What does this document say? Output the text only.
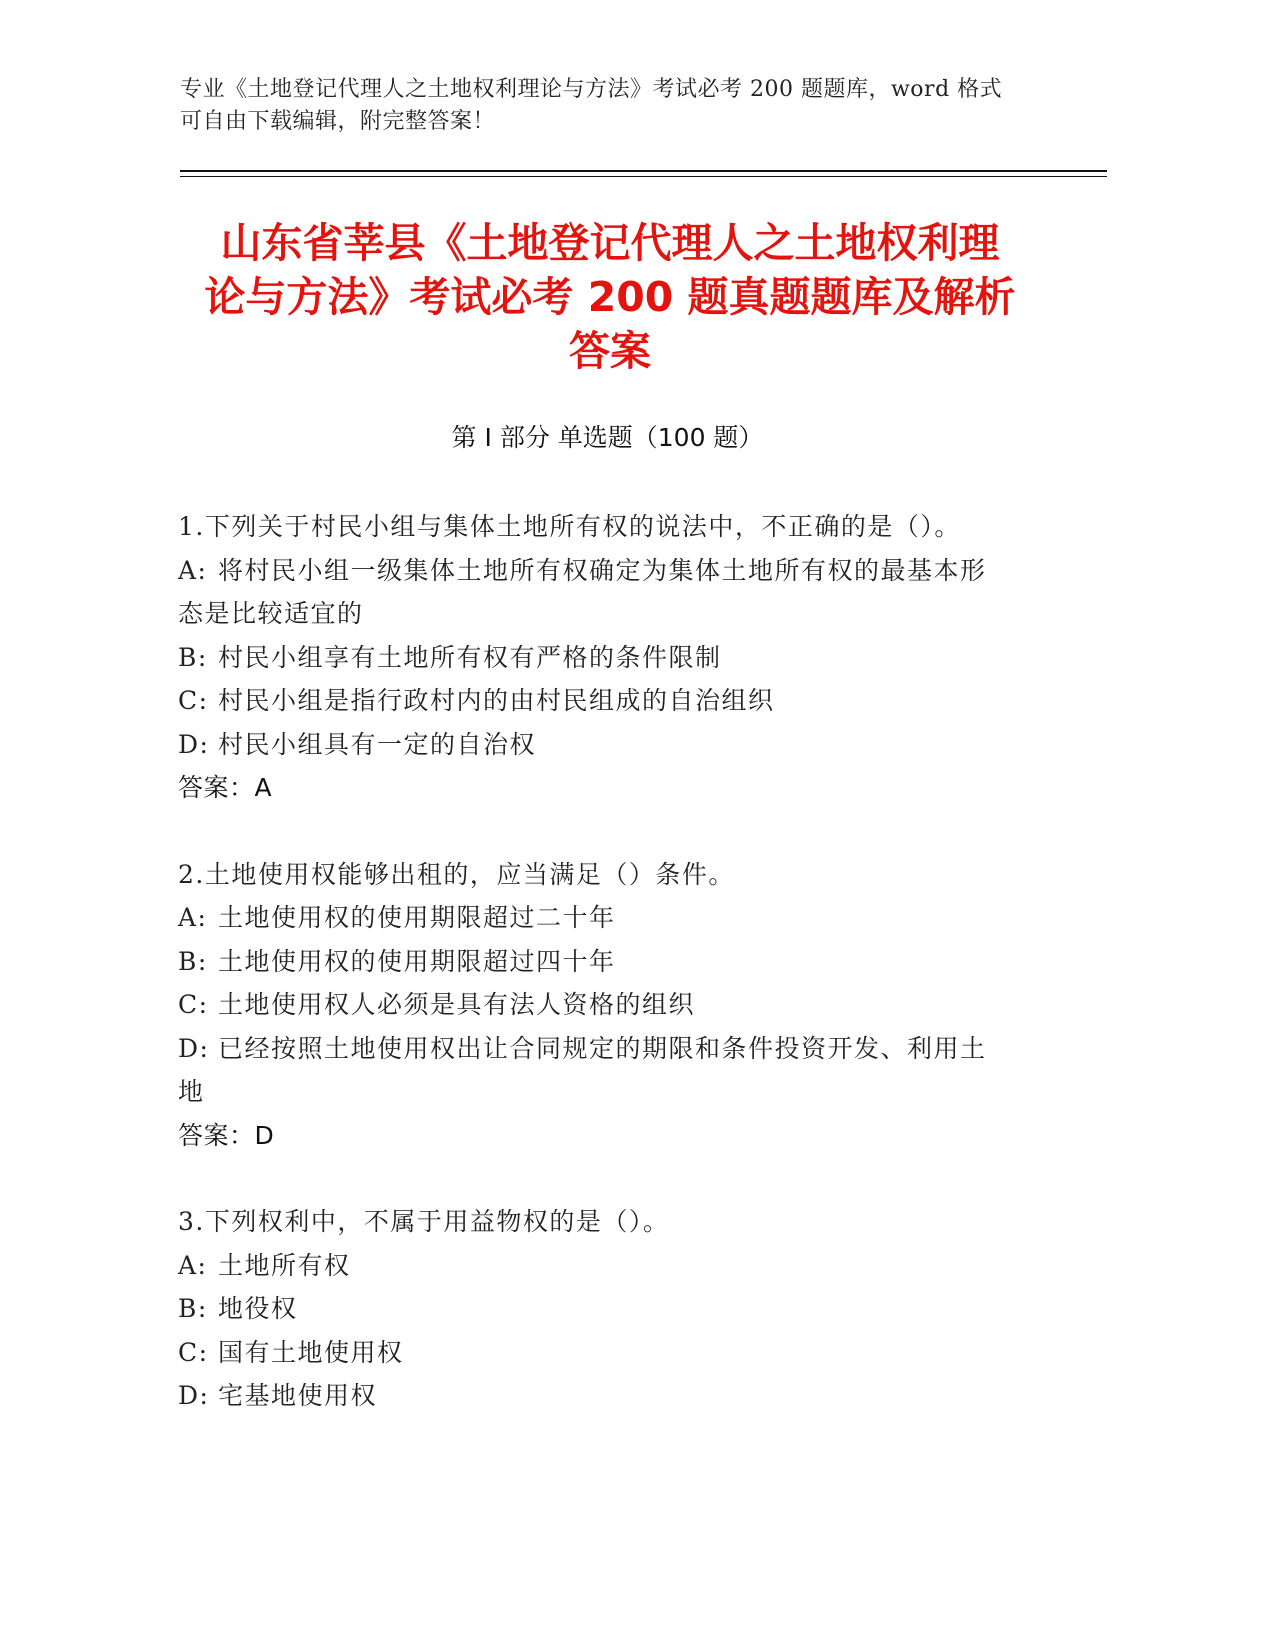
专业《土地登记代理人之土地权利理论与方法》考试必考 200 题题库，word 格式
可自由下载编辑，附完整答案！
山东省莘县《土地登记代理人之土地权利理
论与方法》考试必考 200 题真题题库及解析
答案
第 I 部分 单选题（100 题）
1.下列关于村民小组与集体土地所有权的说法中，不正确的是（）。
A: 将村民小组一级集体土地所有权确定为集体土地所有权的最基本形
态是比较适宜的
B: 村民小组享有土地所有权有严格的条件限制
C: 村民小组是指行政村内的由村民组成的自治组织
D: 村民小组具有一定的自治权
答案：A
2.土地使用权能够出租的，应当满足（）条件。
A: 土地使用权的使用期限超过二十年
B: 土地使用权的使用期限超过四十年
C: 土地使用权人必须是具有法人资格的组织
D: 已经按照土地使用权出让合同规定的期限和条件投资开发、利用土
地
答案：D
3.下列权利中，不属于用益物权的是（）。
A: 土地所有权
B: 地役权
C: 国有土地使用权
D: 宅基地使用权
